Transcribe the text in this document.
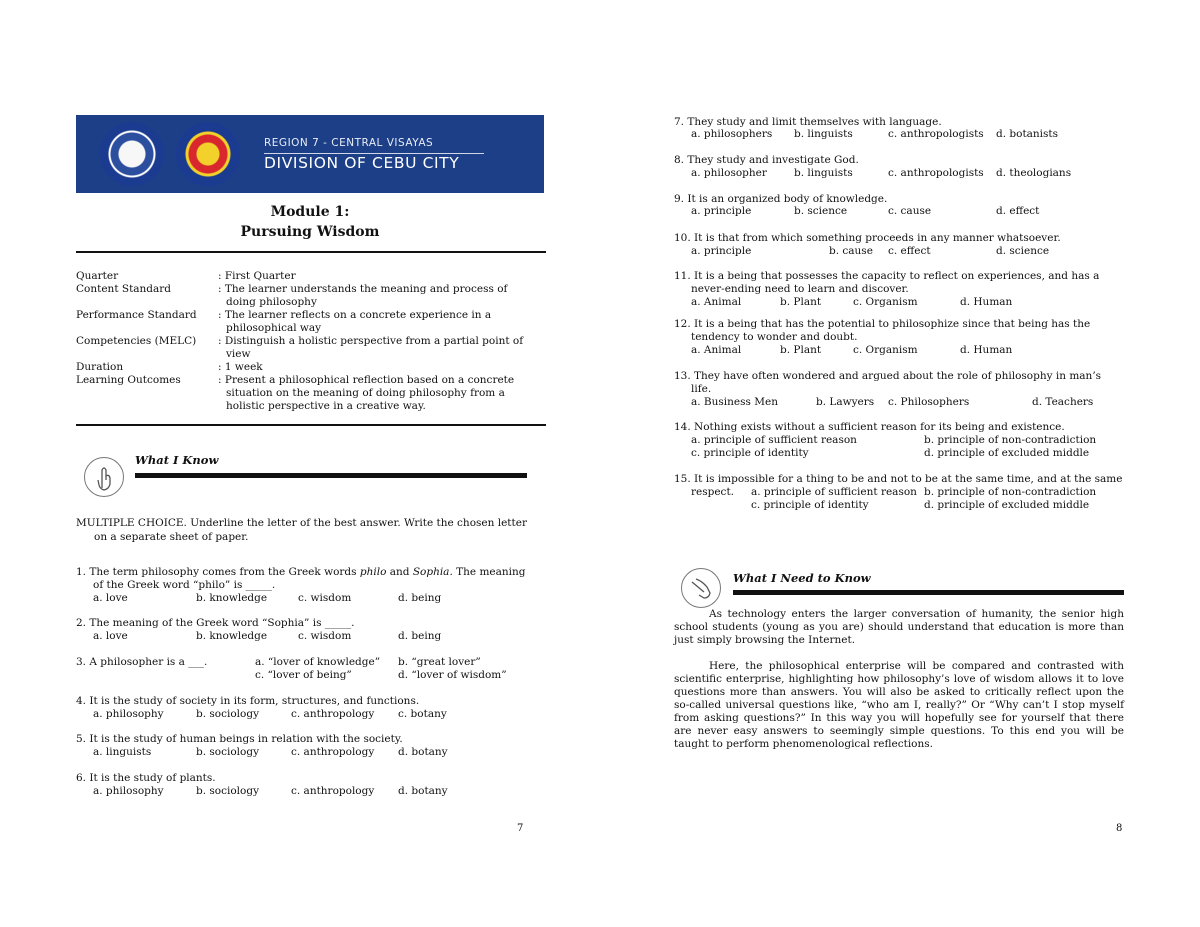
REGION 7 - CENTRAL VISAYAS
DIVISION OF CEBU CITY
Module 1:
Pursuing Wisdom
Quarter	: First Quarter
Content Standard	: The learner understands the meaning and process of
doing philosophy
Performance Standard	: The learner reflects on a concrete experience in a
philosophical way
Competencies (MELC)	: Distinguish a holistic perspective from a partial point of
view
Duration	: 1 week
Learning Outcomes	: Present a philosophical reflection based on a concrete
situation on the meaning of doing philosophy from a
holistic perspective in a creative way.
What I Know
MULTIPLE CHOICE. Underline the letter of the best answer. Write the chosen letter
on a separate sheet of paper.
1. The term philosophy comes from the Greek words philo and Sophia. The meaning
of the Greek word “philo” is _____.
a. love	b. knowledge	c. wisdom	d. being
2. The meaning of the Greek word “Sophia” is _____.
a. love	b. knowledge	c. wisdom	d. being
3. A philosopher is a ___.	a. “lover of knowledge” b. “great lover”
c. “lover of being”	d. “lover of wisdom”
4. It is the study of society in its form, structures, and functions.
a. philosophy	b. sociology	c. anthropology c. botany
5. It is the study of human beings in relation with the society.
a. linguists	b. sociology	c. anthropology d. botany
6. It is the study of plants.
a. philosophy	b. sociology	c. anthropology d. botany
7
7. They study and limit themselves with language.
a. philosophers b. linguists	c. anthropologists d. botanists
8. They study and investigate God.
a. philosopher	b. linguists	c. anthropologists d. theologians
9. It is an organized body of knowledge.
a. principle	b. science	c. cause	d. effect
10. It is that from which something proceeds in any manner whatsoever.
a. principle	b. cause c. effect	d. science
11. It is a being that possesses the capacity to reflect on experiences, and has a
never-ending need to learn and discover.
a. Animal	b. Plant	c. Organism	d. Human
12. It is a being that has the potential to philosophize since that being has the
tendency to wonder and doubt.
a. Animal	b. Plant	c. Organism	d. Human
13. They have often wondered and argued about the role of philosophy in man’s
life.
a. Business Men	b. Lawyers c. Philosophers	d. Teachers
14. Nothing exists without a sufficient reason for its being and existence.
a. principle of sufficient reason	b. principle of non-contradiction
c. principle of identity	d. principle of excluded middle
15. It is impossible for a thing to be and not to be at the same time, and at the same
respect. a. principle of sufficient reason b. principle of non-contradiction
c. principle of identity	d. principle of excluded middle
What I Need to Know
As technology enters the larger conversation of humanity, the senior high school students (young as you are) should understand that education is more than just simply browsing the Internet.
Here, the philosophical enterprise will be compared and contrasted with scientific enterprise, highlighting how philosophy’s love of wisdom allows it to love questions more than answers. You will also be asked to critically reflect upon the so-called universal questions like, “who am I, really?” Or “Why can’t I stop myself from asking questions?” In this way you will hopefully see for yourself that there are never easy answers to seemingly simple questions. To this end you will be taught to perform phenomenological reflections.
8
